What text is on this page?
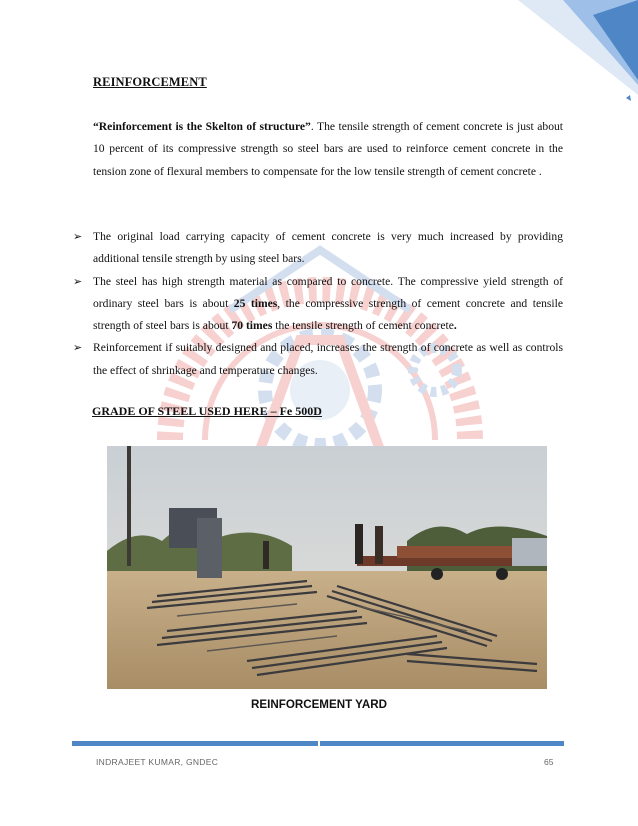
REINFORCEMENT
“Reinforcement is the Skelton of structure”. The tensile strength of cement concrete is just about 10 percent of its compressive strength so steel bars are used to reinforce cement concrete in the tension zone of flexural members to compensate for the low tensile strength of cement concrete .
➢ The original load carrying capacity of cement concrete is very much increased by providing additional tensile strength by using steel bars.
➢ The steel has high strength material as compared to concrete. The compressive yield strength of ordinary steel bars is about 25 times, the compressive strength of cement concrete and tensile strength of steel bars is about 70 times the tensile strength of cement concrete.
➢ Reinforcement if suitably designed and placed, increases the strength of concrete as well as controls the effect of shrinkage and temperature changes.
GRADE OF STEEL USED HERE – Fe 500D
REINFORCEMENT YARD
INDRAJEET KUMAR, GNDEC	65
